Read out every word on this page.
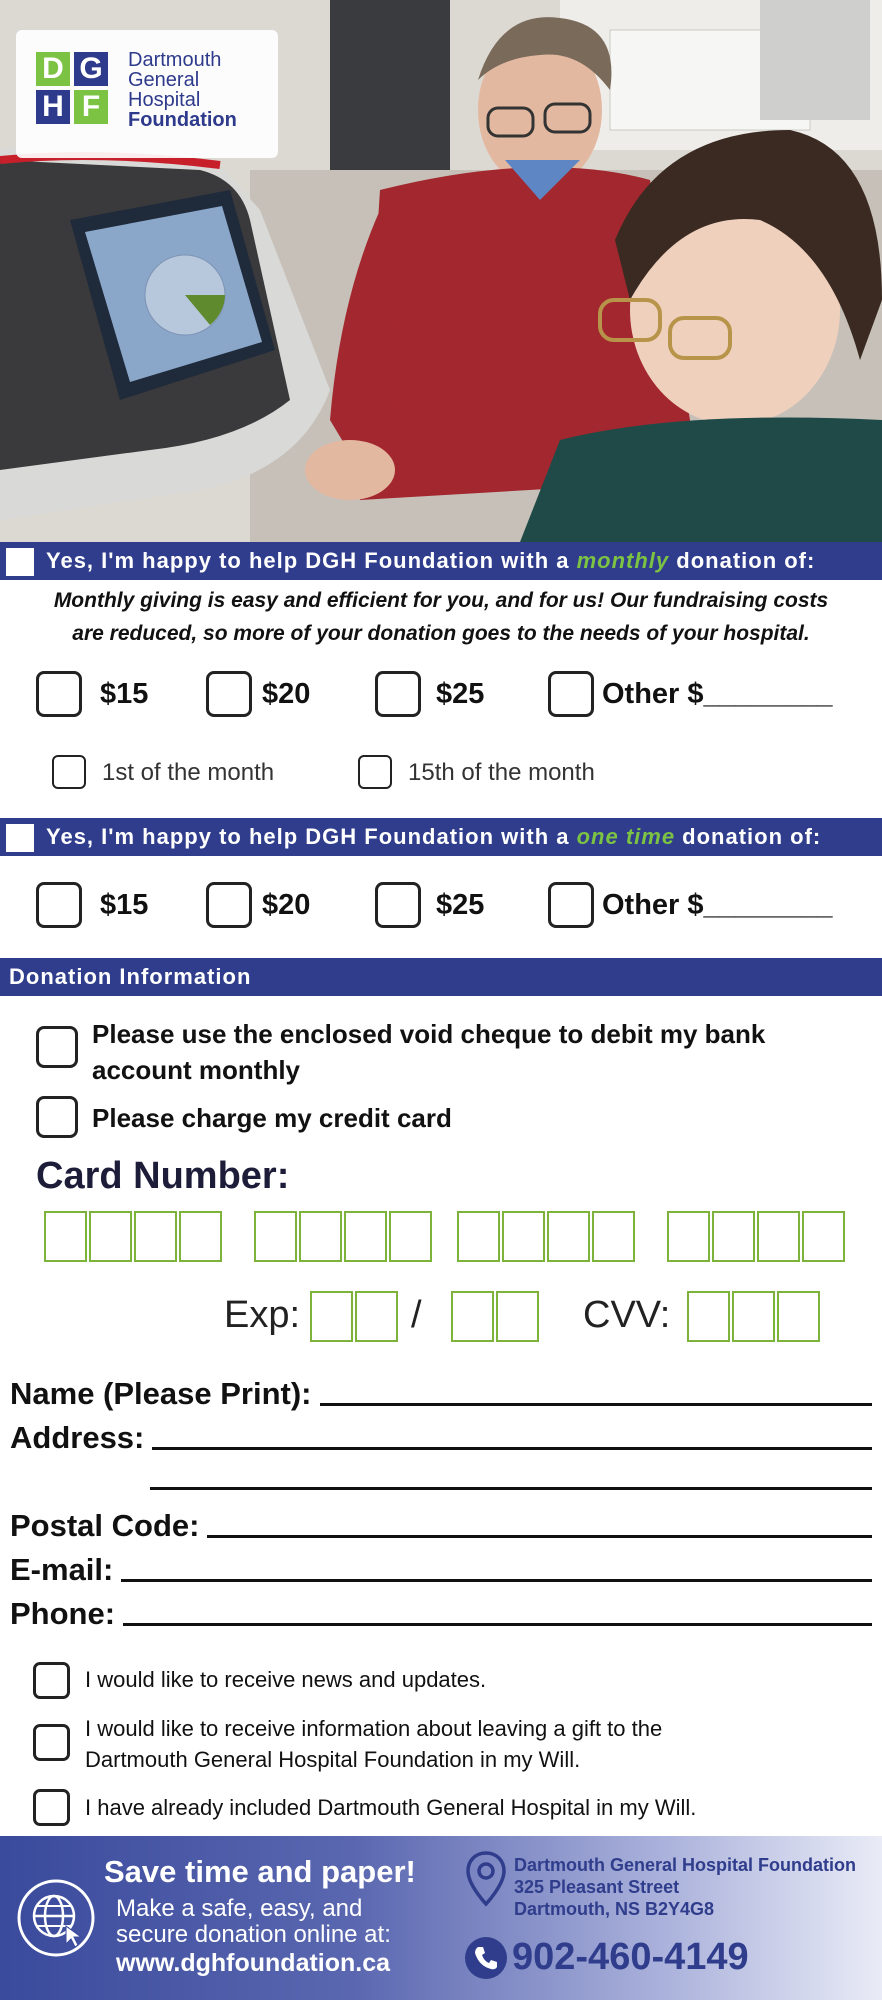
D G
H F
Dartmouth
General
Hospital
Foundation
Yes, I'm happy to help DGH Foundation with a monthly donation of:
Monthly giving is easy and efficient for you, and for us! Our fundraising costs
are reduced, so more of your donation goes to the needs of your hospital.
$15	$20	$25	Other $________
1st of the month	15th of the month
Yes, I'm happy to help DGH Foundation with a one time donation of:
$15	$20	$25	Other $________
Donation Information
Please use the enclosed void cheque to debit my bank
account monthly
Please charge my credit card
Card Number:
Exp:	/	CVV:
Name (Please Print):
Address:
Postal Code:
E-mail:
Phone:
I would like to receive news and updates.
I would like to receive information about leaving a gift to the
Dartmouth General Hospital Foundation in my Will.
I have already included Dartmouth General Hospital in my Will.
Save time and paper!
Make a safe, easy, and
secure donation online at:
www.dghfoundation.ca
Dartmouth General Hospital Foundation
325 Pleasant Street
Dartmouth, NS B2Y4G8
902-460-4149
